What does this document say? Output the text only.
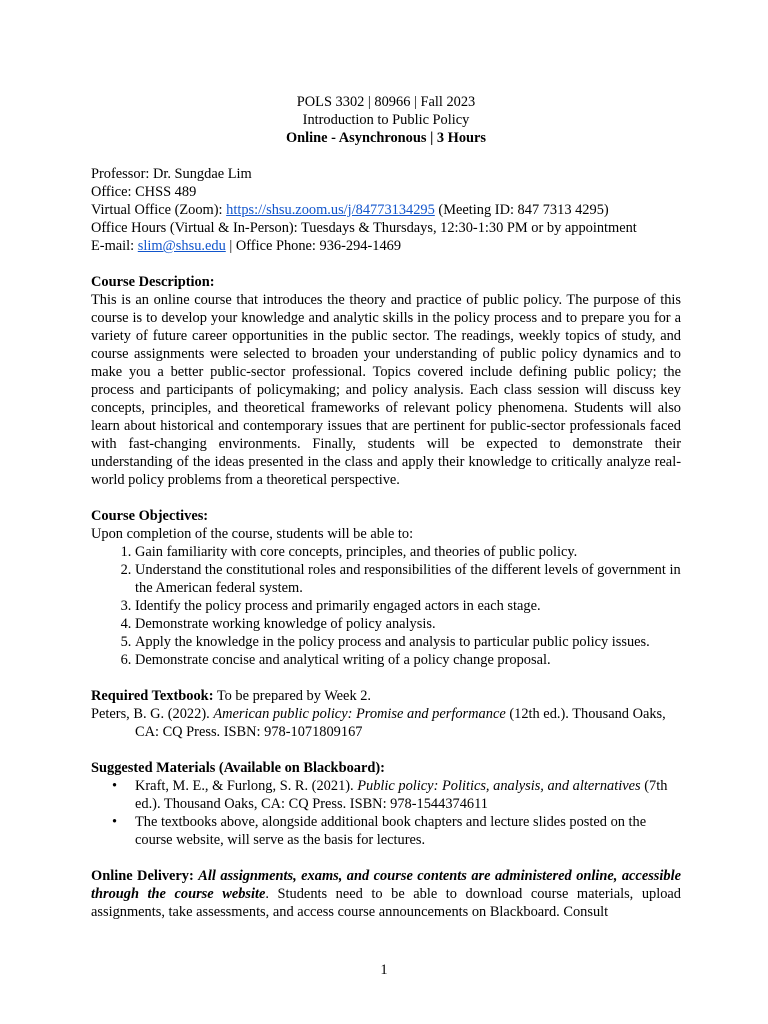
POLS 3302 | 80966 | Fall 2023

Introduction to Public Policy

Online - Asynchronous | 3 Hours

Professor: Dr. Sungdae Lim

Office: CHSS 489

Virtual Office (Zoom): https://shsu.zoom.us/j/84773134295 (Meeting ID: 847 7313 4295)

Office Hours (Virtual & In-Person): Tuesdays & Thursdays, 12:30-1:30 PM or by appointment

E-mail: slim@shsu.edu | Office Phone: 936-294-1469

Course Description:

This is an online course that introduces the theory and practice of public policy. The purpose of this course is to develop your knowledge and analytic skills in the policy process and to prepare you for a variety of future career opportunities in the public sector. The readings, weekly topics of study, and course assignments were selected to broaden your understanding of public policy dynamics and to make you a better public-sector professional. Topics covered include defining public policy; the process and participants of policymaking; and policy analysis. Each class session will discuss key concepts, principles, and theoretical frameworks of relevant policy phenomena. Students will also learn about historical and contemporary issues that are pertinent for public-sector professionals faced with fast-changing environments. Finally, students will be expected to demonstrate their understanding of the ideas presented in the class and apply their knowledge to critically analyze real-world policy problems from a theoretical perspective.

Course Objectives:

Upon completion of the course, students will be able to:

1. Gain familiarity with core concepts, principles, and theories of public policy.
2. Understand the constitutional roles and responsibilities of the different levels of government in the American federal system.
3. Identify the policy process and primarily engaged actors in each stage.
4. Demonstrate working knowledge of policy analysis.
5. Apply the knowledge in the policy process and analysis to particular public policy issues.
6. Demonstrate concise and analytical writing of a policy change proposal.

Required Textbook: To be prepared by Week 2.

Peters, B. G. (2022). American public policy: Promise and performance (12th ed.). Thousand Oaks, CA: CQ Press. ISBN: 978-1071809167

Suggested Materials (Available on Blackboard):

• Kraft, M. E., & Furlong, S. R. (2021). Public policy: Politics, analysis, and alternatives (7th ed.). Thousand Oaks, CA: CQ Press. ISBN: 978-1544374611
• The textbooks above, alongside additional book chapters and lecture slides posted on the course website, will serve as the basis for lectures.

Online Delivery: All assignments, exams, and course contents are administered online, accessible through the course website. Students need to be able to download course materials, upload assignments, take assessments, and access course announcements on Blackboard. Consult

1
